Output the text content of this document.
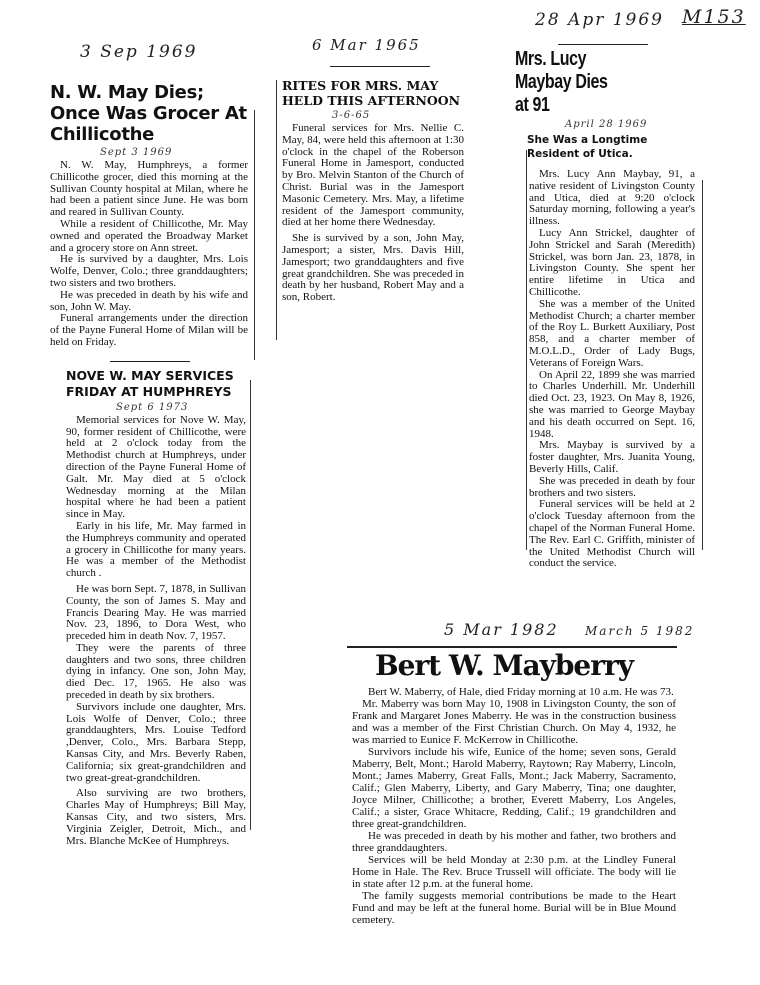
3 Sep 1969	6 Mar 1965
28 Apr 1969 M153
5 Mar 1982 March 5 1982
N. W. May Dies; Once Was Grocer At Chillicothe
Sept 3 1969

N. W. May, Humphreys, a former Chillicothe grocer, died this morning at the Sullivan County hospital at Milan, where he had been a patient since June. He was born and reared in Sullivan County.

While a resident of Chillicothe, Mr. May owned and operated the Broadway Market and a grocery store on Ann street.

He is survived by a daughter, Mrs. Lois Wolfe, Denver, Colo.; three granddaughters; two sisters and two brothers.

He was preceded in death by his wife and son, John W. May.

Funeral arrangements under the direction of the Payne Funeral Home of Milan will be held on Friday.

NOVE W. MAY SERVICES FRIDAY AT HUMPHREYS
Sept 6 1973

Memorial services for Nove W. May, 90, former resident of Chillicothe, were held at 2 o'clock today from the Methodist church at Humphreys, under direction of the Payne Funeral Home of Galt. Mr. May died at 5 o'clock Wednesday morning at the Milan hospital where he had been a patient since in May.

Early in his life, Mr. May farmed in the Humphreys community and operated a grocery in Chillicothe for many years. He was a member of the Methodist church .

He was born Sept. 7, 1878, in Sullivan County, the son of James S. May and Francis Dearing May. He was married Nov. 23, 1896, to Dora West, who preceded him in death Nov. 7, 1957.

They were the parents of three daughters and two sons, three children dying in infancy. One son, John May, died Dec. 17, 1965. He also was preceded in death by six brothers.

Survivors include one daughter, Mrs. Lois Wolfe of Denver, Colo.; three granddaughters, Mrs. Louise Tedford ,Denver, Colo., Mrs. Barbara Stepp, Kansas City, and Mrs. Beverly Raben, California; six great-grandchildren and two great-great-grandchildren.

Also surviving are two brothers, Charles May of Humphreys; Bill May, Kansas City, and two sisters, Mrs. Virginia Zeigler, Detroit, Mich., and Mrs. Blanche McKee of Humphreys.

RITES FOR MRS. MAY HELD THIS AFTERNOON
3-6-65

Funeral services for Mrs. Nellie C. May, 84, were held this afternoon at 1:30 o'clock in the chapel of the Roberson Funeral Home in Jamesport, conducted by Bro. Melvin Stanton of the Church of Christ. Burial was in the Jamesport Masonic Cemetery. Mrs. May, a lifetime resident of the Jamesport community, died at her home there Wednesday.

She is survived by a son, John May, Jamesport; a sister, Mrs. Davis Hill, Jamesport; two granddaughters and five great grandchildren. She was preceded in death by her husband, Robert May and a son, Robert.

Mrs. Lucy Maybay Dies at 91
April 28 1969
She Was a Longtime Resident of Utica.

Mrs. Lucy Ann Maybay, 91, a native resident of Livingston County and Utica, died at 9:20 o'clock Saturday morning, following a year's illness.

Lucy Ann Strickel, daughter of John Strickel and Sarah (Meredith) Strickel, was born Jan. 23, 1878, in Livingston County. She spent her entire lifetime in Utica and Chillicothe.

She was a member of the United Methodist Church; a charter member of the Roy L. Burkett Auxiliary, Post 858, and a charter member of M.O.L.D., Order of Lady Bugs, Veterans of Foreign Wars.

On April 22, 1899 she was married to Charles Underhill. Mr. Underhill died Oct. 23, 1923. On May 8, 1926, she was married to George Maybay and his death occurred on Sept. 16, 1948.

Mrs. Maybay is survived by a foster daughter, Mrs. Juanita Young, Beverly Hills, Calif.

She was preceded in death by four brothers and two sisters.

Funeral services will be held at 2 o'clock Tuesday afternoon from the chapel of the Norman Funeral Home. The Rev. Earl C. Griffith, minister of the United Methodist Church will conduct the service.

Bert W. Mayberry

Bert W. Maberry, of Hale, died Friday morning at 10 a.m. He was 73.

Mr. Maberry was born May 10, 1908 in Livingston County, the son of Frank and Margaret Jones Maberry. He was in the construction business and was a member of the First Christian Church. On May 4, 1932, he was married to Eunice F. McKerrow in Chillicothe.

Survivors include his wife, Eunice of the home; seven sons, Gerald Maberry, Belt, Mont.; Harold Maberry, Raytown; Ray Maberry, Lincoln, Mont.; James Maberry, Great Falls, Mont.; Jack Maberry, Sacramento, Calif.; Glen Maberry, Liberty, and Gary Maberry, Tina; one daughter, Joyce Milner, Chillicothe; a brother, Everett Maberry, Los Angeles, Calif.; a sister, Grace Whitacre, Redding, Calif.; 19 grandchildren and three great-grandchildren.

He was preceded in death by his mother and father, two brothers and three granddaughters.

Services will be held Monday at 2:30 p.m. at the Lindley Funeral Home in Hale. The Rev. Bruce Trussell will officiate. The body will lie in state after 12 p.m. at the funeral home.

The family suggests memorial contributions be made to the Heart Fund and may be left at the funeral home. Burial will be in Blue Mound cemetery.
